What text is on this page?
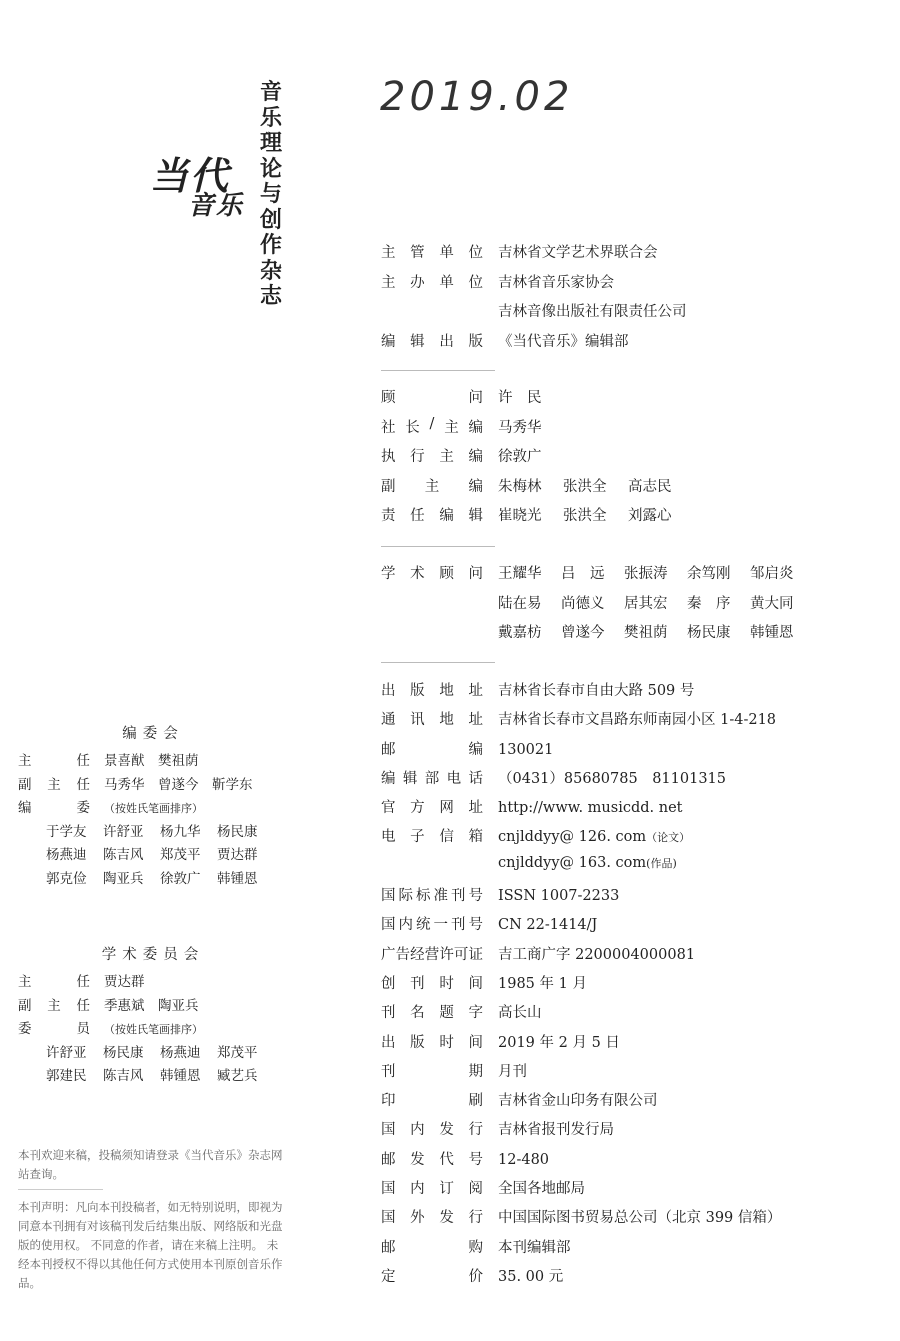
当代
音乐
音乐理论与创作杂志
2019.02
主 管 单 位 吉林省文学艺术界联合会
主 办 单 位 吉林省音乐家协会
吉林音像出版社有限责任公司
编 辑 出 版 《当代音乐》编辑部
顾	问 许　民
社 长 / 主 编 马秀华
执 行 主 编 徐敦广
副 主 编 朱梅林 张洪全 高志民
责 任 编 辑 崔晓光 张洪全 刘露心
学 术 顾 问 王耀华	吕　远	张振涛	余笃刚	邹启炎
陆在易	尚德义	居其宏	秦　序	黄大同
戴嘉枋	曾遂今	樊祖荫	杨民康	韩锺恩
出 版 地 址 吉林省长春市自由大路 509 号
通 讯 地 址 吉林省长春市文昌路东师南园小区 1-4-218
邮	编 130021
编 辑 部 电 话 （0431）85680785　81101315
官 方 网 址 http://www. musicdd. net
电 子 信 箱 cnjlddyy@ 126. com （论文）
cnjlddyy@ 163. com (作品)
国 际 标 准 刊 号 ISSN 1007-2233
国 内 统 一 刊 号 CN 22-1414/J
广 告 经 营 许 可 证 吉工商广字 2200004000081
创 刊 时 间 1985 年 1 月
刊 名 题 字 高长山
出 版 时 间 2019 年 2 月 5 日
刊	期 月刊
印	刷 吉林省金山印务有限公司
国 内 发 行 吉林省报刊发行局
邮 发 代 号 12-480
国 内 订 阅 全国各地邮局
国 外 发 行 中国国际图书贸易总公司（北京 399 信箱）
邮	购 本刊编辑部
定	价 35. 00 元
编委会
主	任 景喜猷　樊祖荫
副 主 任 马秀华　曾遂今　靳学东
编	委 （按姓氏笔画排序）
于学友	许舒亚	杨九华	杨民康
杨燕迪	陈吉风	郑茂平	贾达群
郭克俭	陶亚兵	徐敦广	韩锺恩
学术委员会
主	任 贾达群
副 主 任 季惠斌　陶亚兵
委	员 （按姓氏笔画排序）
许舒亚	杨民康	杨燕迪	郑茂平
郭建民	陈吉风	韩锺恩	臧艺兵
本刊欢迎来稿，投稿须知请登录《当代音乐》杂志网站查询。
本刊声明：凡向本刊投稿者，如无特别说明，即视为同意本刊拥有对该稿刊发后结集出版、网络版和光盘版的使用权。 不同意的作者，请在来稿上注明。 未经本刊授权不得以其他任何方式使用本刊原创音乐作品。
